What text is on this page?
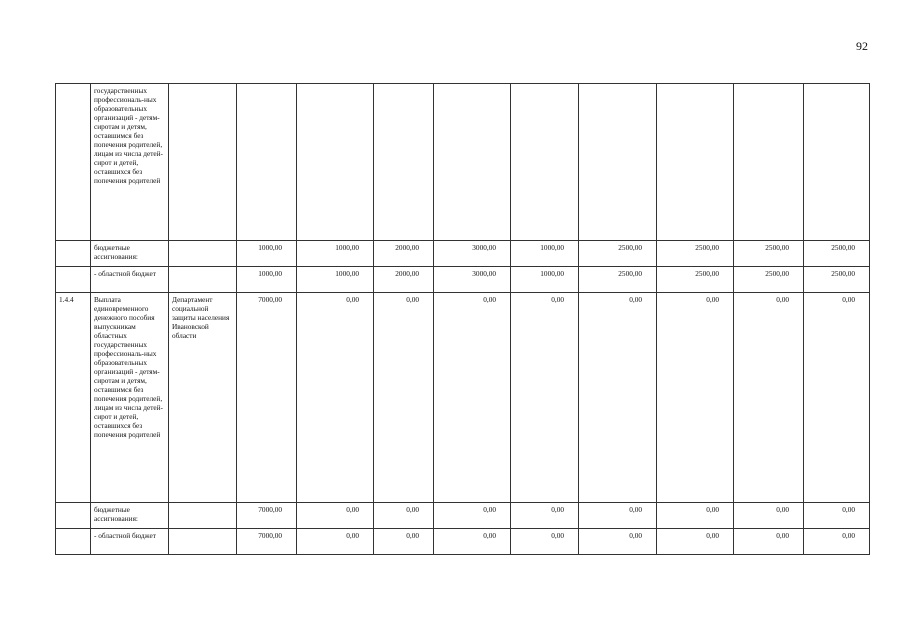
92
	государственных профессиональ-ных образовательных организаций - детям-сиротам и детям, оставшимся без попечения родителей, лицам из числа детей-сирот и детей, оставшихся без попечения родителей										
	бюджетные ассигнования:		1000,00	1000,00	2000,00	3000,00	1000,00	2500,00	2500,00	2500,00	2500,00
	- областной бюджет		1000,00	1000,00	2000,00	3000,00	1000,00	2500,00	2500,00	2500,00	2500,00
1.4.4	Выплата единовременного денежного пособия выпускникам областных государственных профессиональ-ных образовательных организаций - детям-сиротам и детям, оставшимся без попечения родителей, лицам из числа детей-сирот и детей, оставшихся без попечения родителей	Департамент социальной защиты населения Ивановской области	7000,00	0,00	0,00	0,00	0,00	0,00	0,00	0,00	0,00
	бюджетные ассигнования:		7000,00	0,00	0,00	0,00	0,00	0,00	0,00	0,00	0,00
	- областной бюджет		7000,00	0,00	0,00	0,00	0,00	0,00	0,00	0,00	0,00
